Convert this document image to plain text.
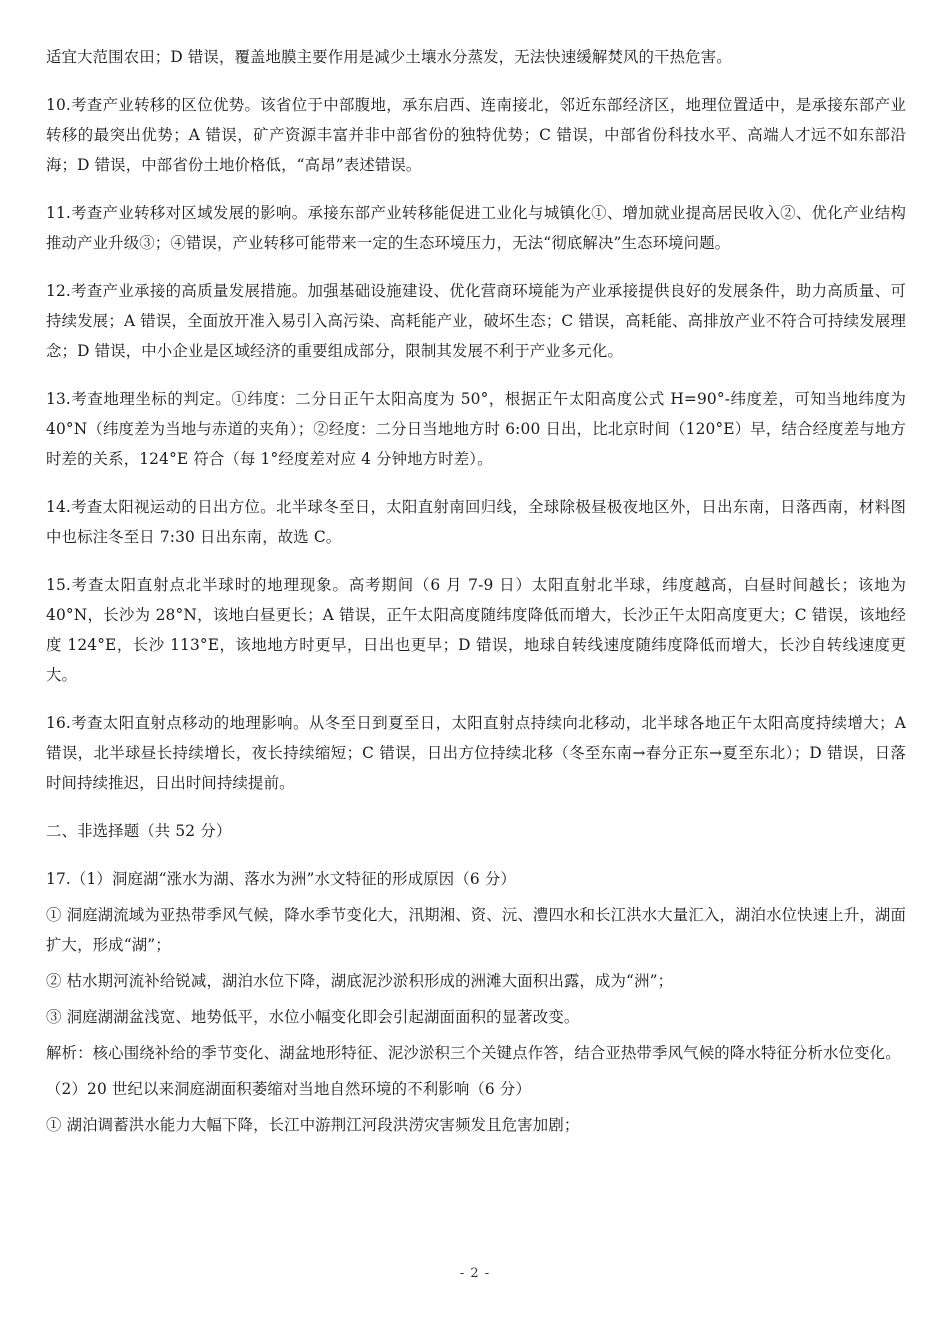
适宜大范围农田；D 错误，覆盖地膜主要作用是减少土壤水分蒸发，无法快速缓解焚风的干热危害。

10.考查产业转移的区位优势。该省位于中部腹地，承东启西、连南接北，邻近东部经济区，地理位置适中，是承接东部产业转移的最突出优势；A 错误，矿产资源丰富并非中部省份的独特优势；C 错误，中部省份科技水平、高端人才远不如东部沿海；D 错误，中部省份土地价格低，“高昂”表述错误。

11.考查产业转移对区域发展的影响。承接东部产业转移能促进工业化与城镇化①、增加就业提高居民收入②、优化产业结构推动产业升级③；④错误，产业转移可能带来一定的生态环境压力，无法“彻底解决”生态环境问题。

12.考查产业承接的高质量发展措施。加强基础设施建设、优化营商环境能为产业承接提供良好的发展条件，助力高质量、可持续发展；A 错误，全面放开准入易引入高污染、高耗能产业，破坏生态；C 错误，高耗能、高排放产业不符合可持续发展理念；D 错误，中小企业是区域经济的重要组成部分，限制其发展不利于产业多元化。

13.考查地理坐标的判定。①纬度：二分日正午太阳高度为 50°，根据正午太阳高度公式 H=90°-纬度差，可知当地纬度为 40°N（纬度差为当地与赤道的夹角）；②经度：二分日当地地方时 6:00 日出，比北京时间（120°E）早，结合经度差与地方时差的关系，124°E 符合（每 1°经度差对应 4 分钟地方时差）。

14.考查太阳视运动的日出方位。北半球冬至日，太阳直射南回归线，全球除极昼极夜地区外，日出东南，日落西南，材料图中也标注冬至日 7:30 日出东南，故选 C。

15.考查太阳直射点北半球时的地理现象。高考期间（6 月 7-9 日）太阳直射北半球，纬度越高，白昼时间越长；该地为 40°N，长沙为 28°N，该地白昼更长；A 错误，正午太阳高度随纬度降低而增大，长沙正午太阳高度更大；C 错误，该地经度 124°E，长沙 113°E，该地地方时更早，日出也更早；D 错误，地球自转线速度随纬度降低而增大，长沙自转线速度更大。

16.考查太阳直射点移动的地理影响。从冬至日到夏至日，太阳直射点持续向北移动，北半球各地正午太阳高度持续增大；A 错误，北半球昼长持续增长，夜长持续缩短；C 错误，日出方位持续北移（冬至东南→春分正东→夏至东北）；D 错误，日落时间持续推迟，日出时间持续提前。

二、非选择题（共 52 分）

17.（1）洞庭湖“涨水为湖、落水为洲”水文特征的形成原因（6 分）

① 洞庭湖流域为亚热带季风气候，降水季节变化大，汛期湘、资、沅、澧四水和长江洪水大量汇入，湖泊水位快速上升，湖面扩大，形成“湖”；

② 枯水期河流补给锐减，湖泊水位下降，湖底泥沙淤积形成的洲滩大面积出露，成为“洲”；

③ 洞庭湖湖盆浅宽、地势低平，水位小幅变化即会引起湖面面积的显著改变。

解析：核心围绕补给的季节变化、湖盆地形特征、泥沙淤积三个关键点作答，结合亚热带季风气候的降水特征分析水位变化。

（2）20 世纪以来洞庭湖面积萎缩对当地自然环境的不利影响（6 分）

① 湖泊调蓄洪水能力大幅下降，长江中游荆江河段洪涝灾害频发且危害加剧；

- 2 -
